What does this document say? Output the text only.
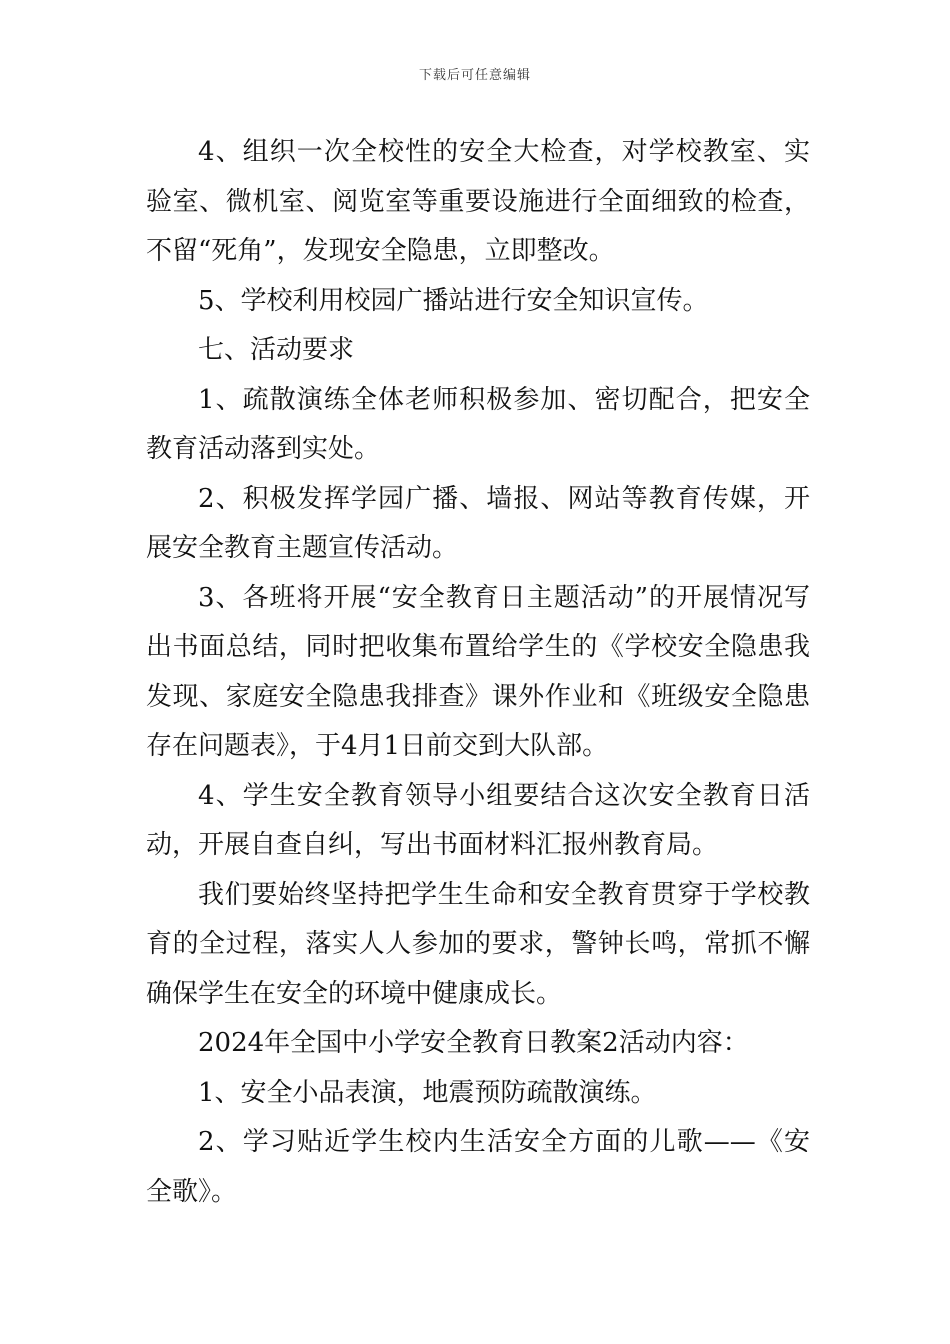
下载后可任意编辑

4、组织一次全校性的安全大检查，对学校教室、实验室、微机室、阅览室等重要设施进行全面细致的检查，不留“死角”，发现安全隐患，立即整改。

5、学校利用校园广播站进行安全知识宣传。

七、活动要求

1、疏散演练全体老师积极参加、密切配合，把安全教育活动落到实处。

2、积极发挥学园广播、墙报、网站等教育传媒，开展安全教育主题宣传活动。

3、各班将开展“安全教育日主题活动”的开展情况写出书面总结，同时把收集布置给学生的《学校安全隐患我发现、家庭安全隐患我排查》课外作业和《班级安全隐患存在问题表》，于4月1日前交到大队部。

4、学生安全教育领导小组要结合这次安全教育日活动，开展自查自纠，写出书面材料汇报州教育局。

我们要始终坚持把学生生命和安全教育贯穿于学校教育的全过程，落实人人参加的要求，警钟长鸣，常抓不懈确保学生在安全的环境中健康成长。

2024年全国中小学安全教育日教案2活动内容：

1、安全小品表演，地震预防疏散演练。

2、学习贴近学生校内生活安全方面的儿歌——《安全歌》。
